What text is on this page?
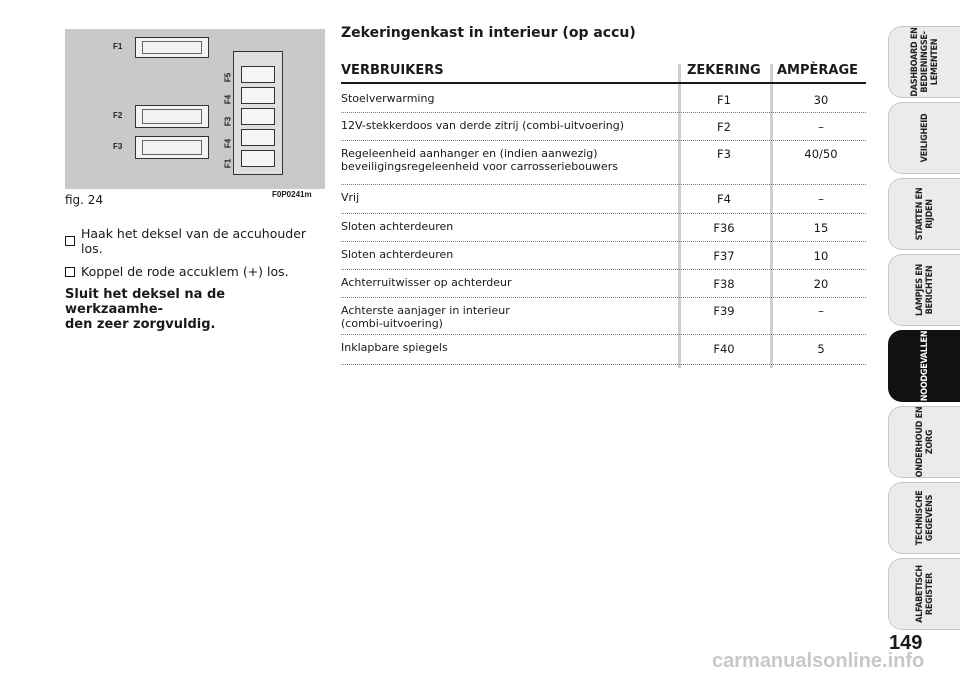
F1
F2
F3
F5
F4
F3
F4
F1
fig. 24	F0P0241m
Haak het deksel van de accuhouder los.
Koppel de rode accuklem (+) los.
Sluit het deksel na de werkzaamhe-
den zeer zorgvuldig.
Zekeringenkast in interieur (op accu)
VERBRUIKERS	ZEKERING AMPÈRAGE
Stoelverwarming	F1	30
12V-stekkerdoos van derde zitrij (combi-uitvoering)	F2	–
Regeleenheid aanhanger en (indien aanwezig)
beveiligingsregeleenheid voor carrosseriebouwers
F3	40/50
Vrij	F4	–
Sloten achterdeuren	F36	15
Sloten achterdeuren	F37	10
Achterruitwisser op achterdeur	F38	20
Achterste aanjager in interieur
(combi-uitvoering)
F39	–
Inklapbare spiegels	F40	5
DASHBOARD EN
BEDIENINGSE-
LEMENTEN
VEILIGHEID
STARTEN EN
RIJDEN
LAMPJES EN
BERICHTEN
NOODGEVALLEN
ONDERHOUD EN
ZORG
TECHNISCHE
GEGEVENS
ALFABETISCH
REGISTER
149
carmanualsonline.info
